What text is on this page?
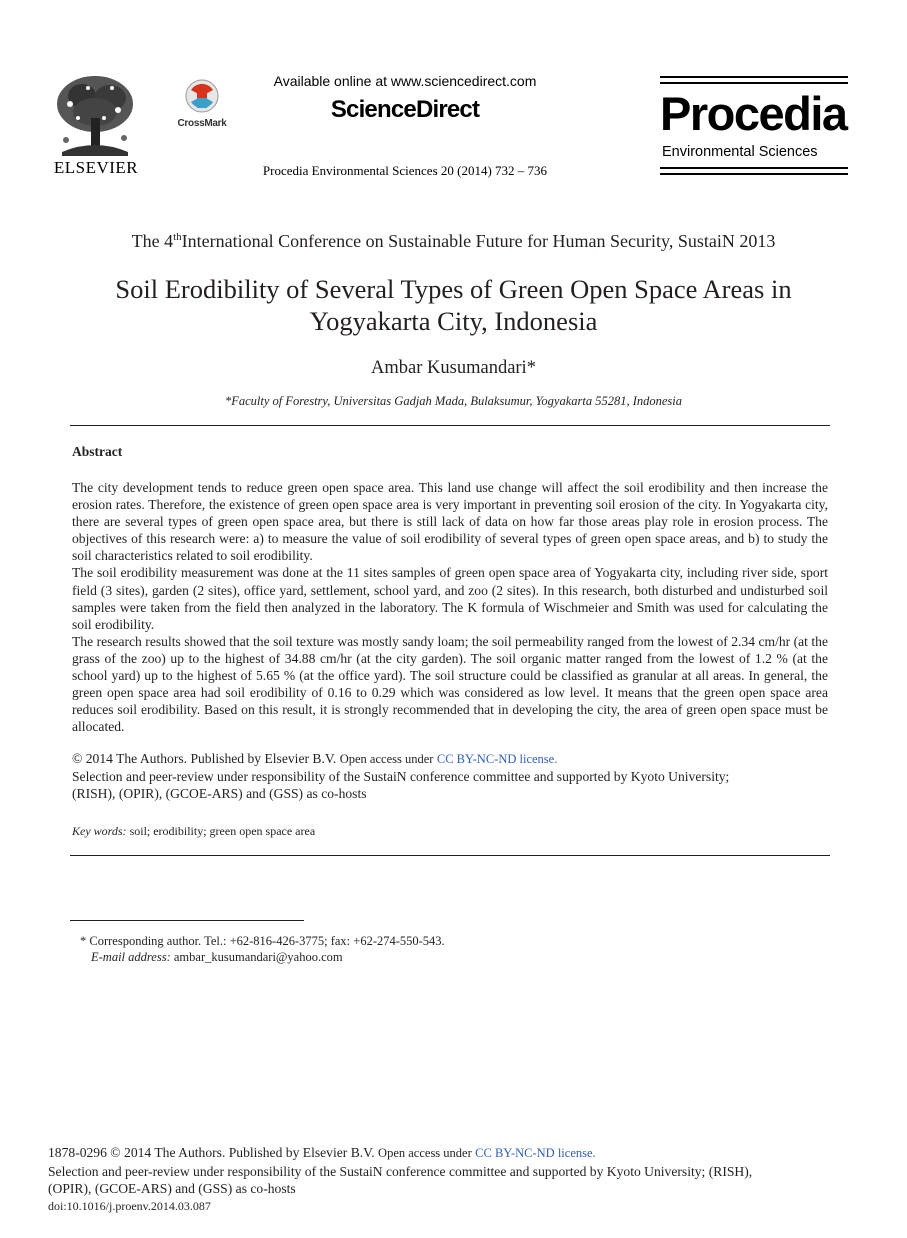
ELSEVIER
CrossMark
Available online at www.sciencedirect.com
ScienceDirect
Procedia Environmental Sciences 20 (2014) 732 – 736
Procedia
Environmental Sciences
The 4thInternational Conference on Sustainable Future for Human Security, SustaiN 2013
Soil Erodibility of Several Types of Green Open Space Areas in
Yogyakarta City, Indonesia
Ambar Kusumandari*
*Faculty of Forestry, Universitas Gadjah Mada, Bulaksumur, Yogyakarta 55281, Indonesia
Abstract

The city development tends to reduce green open space area. This land use change will affect the soil erodibility and then increase the erosion rates. Therefore, the existence of green open space area is very important in preventing soil erosion of the city. In Yogyakarta city, there are several types of green open space area, but there is still lack of data on how far those areas play role in erosion process. The objectives of this research were: a) to measure the value of soil erodibility of several types of green open space areas, and b) to study the soil characteristics related to soil erodibility.

The soil erodibility measurement was done at the 11 sites samples of green open space area of Yogyakarta city, including river side, sport field (3 sites), garden (2 sites), office yard, settlement, school yard, and zoo (2 sites). In this research, both disturbed and undisturbed soil samples were taken from the field then analyzed in the laboratory. The K formula of Wischmeier and Smith was used for calculating the soil erodibility.

The research results showed that the soil texture was mostly sandy loam; the soil permeability ranged from the lowest of 2.34 cm/hr (at the grass of the zoo) up to the highest of 34.88 cm/hr (at the city garden). The soil organic matter ranged from the lowest of 1.2 % (at the school yard) up to the highest of 5.65 % (at the office yard). The soil structure could be classified as granular at all areas. In general, the green open space area had soil erodibility of 0.16 to 0.29 which was considered as low level. It means that the green open space area reduces soil erodibility. Based on this result, it is strongly recommended that in developing the city, the area of green open space must be allocated.

© 2014 The Authors. Published by Elsevier B.V. Open access under CC BY-NC-ND license.

Selection and peer-review under responsibility of the SustaiN conference committee and supported by Kyoto University;

(RISH), (OPIR), (GCOE-ARS) and (GSS) as co-hosts

Key words: soil; erodibility; green open space area
* Corresponding author. Tel.: +62-816-426-3775; fax: +62-274-550-543.
E-mail address: ambar_kusumandari@yahoo.com

1878-0296 © 2014 The Authors. Published by Elsevier B.V. Open access under CC BY-NC-ND license.

Selection and peer-review under responsibility of the SustaiN conference committee and supported by Kyoto University; (RISH),

(OPIR), (GCOE-ARS) and (GSS) as co-hosts

doi:10.1016/j.proenv.2014.03.087
